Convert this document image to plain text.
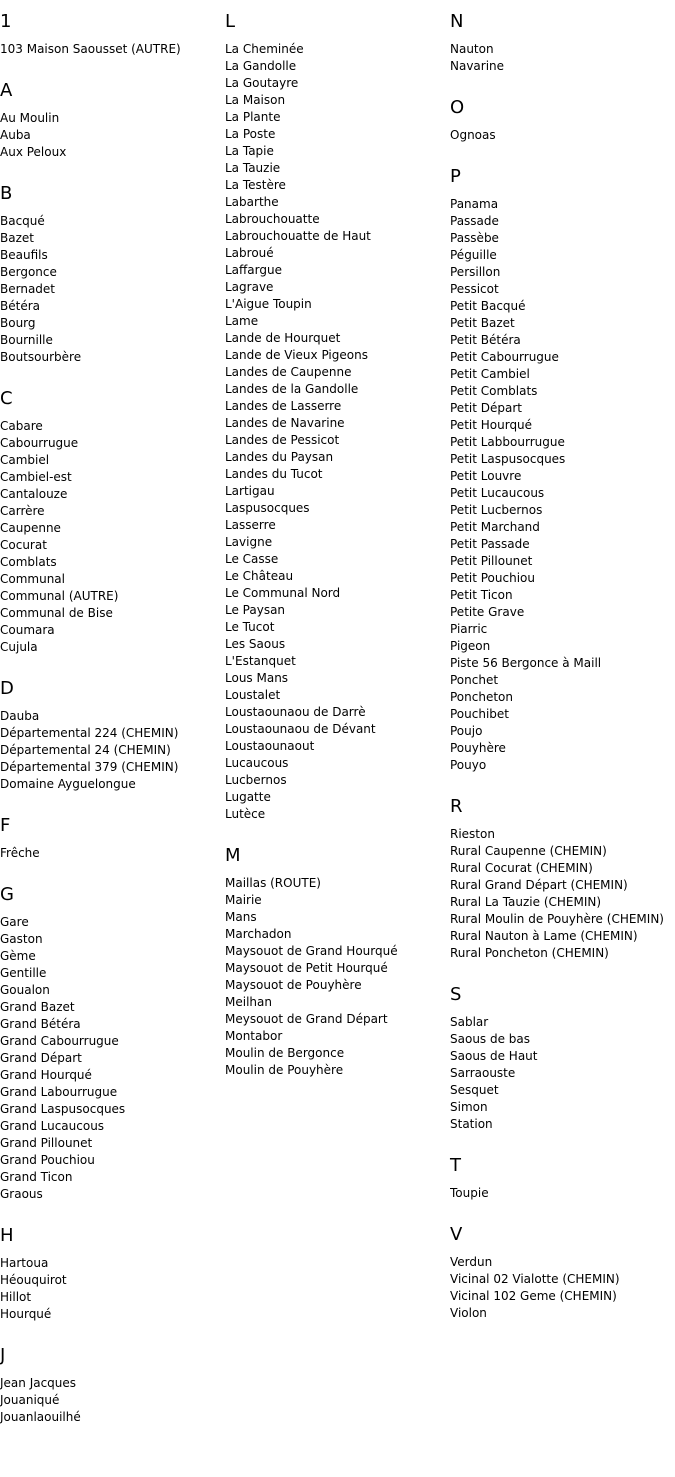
1
103 Maison Saousset (AUTRE)
A
Au Moulin
Auba
Aux Peloux
B
Bacqué
Bazet
Beaufils
Bergonce
Bernadet
Bétéra
Bourg
Bournille
Boutsourbère
C
Cabare
Cabourrugue
Cambiel
Cambiel-est
Cantalouze
Carrère
Caupenne
Cocurat
Comblats
Communal
Communal (AUTRE)
Communal de Bise
Coumara
Cujula
D
Dauba
Départemental 224 (CHEMIN)
Départemental 24 (CHEMIN)
Départemental 379 (CHEMIN)
Domaine Ayguelongue
F
Frêche
G
Gare
Gaston
Gème
Gentille
Goualon
Grand Bazet
Grand Bétéra
Grand Cabourrugue
Grand Départ
Grand Hourqué
Grand Labourrugue
Grand Laspusocques
Grand Lucaucous
Grand Pillounet
Grand Pouchiou
Grand Ticon
Graous
H
Hartoua
Héouquirot
Hillot
Hourqué
J
Jean Jacques
Jouaniqué
Jouanlaouilhé
L
La Cheminée
La Gandolle
La Goutayre
La Maison
La Plante
La Poste
La Tapie
La Tauzie
La Testère
Labarthe
Labrouchouatte
Labrouchouatte de Haut
Labroué
Laffargue
Lagrave
L'Aigue Toupin
Lame
Lande de Hourquet
Lande de Vieux Pigeons
Landes de Caupenne
Landes de la Gandolle
Landes de Lasserre
Landes de Navarine
Landes de Pessicot
Landes du Paysan
Landes du Tucot
Lartigau
Laspusocques
Lasserre
Lavigne
Le Casse
Le Château
Le Communal Nord
Le Paysan
Le Tucot
Les Saous
L'Estanquet
Lous Mans
Loustalet
Loustaounaou de Darrè
Loustaounaou de Dévant
Loustaounaout
Lucaucous
Lucbernos
Lugatte
Lutèce
M
Maillas (ROUTE)
Mairie
Mans
Marchadon
Maysouot de Grand Hourqué
Maysouot de Petit Hourqué
Maysouot de Pouyhère
Meilhan
Meysouot de Grand Départ
Montabor
Moulin de Bergonce
Moulin de Pouyhère
N
Nauton
Navarine
O
Ognoas
P
Panama
Passade
Passèbe
Péguille
Persillon
Pessicot
Petit Bacqué
Petit Bazet
Petit Bétéra
Petit Cabourrugue
Petit Cambiel
Petit Comblats
Petit Départ
Petit Hourqué
Petit Labbourrugue
Petit Laspusocques
Petit Louvre
Petit Lucaucous
Petit Lucbernos
Petit Marchand
Petit Passade
Petit Pillounet
Petit Pouchiou
Petit Ticon
Petite Grave
Piarric
Pigeon
Piste 56 Bergonce à Maill
Ponchet
Poncheton
Pouchibet
Poujo
Pouyhère
Pouyo
R
Rieston
Rural Caupenne (CHEMIN)
Rural Cocurat (CHEMIN)
Rural Grand Départ (CHEMIN)
Rural La Tauzie (CHEMIN)
Rural Moulin de Pouyhère (CHEMIN)
Rural Nauton à Lame (CHEMIN)
Rural Poncheton (CHEMIN)
S
Sablar
Saous de bas
Saous de Haut
Sarraouste
Sesquet
Simon
Station
T
Toupie
V
Verdun
Vicinal 02 Vialotte (CHEMIN)
Vicinal 102 Geme (CHEMIN)
Violon
